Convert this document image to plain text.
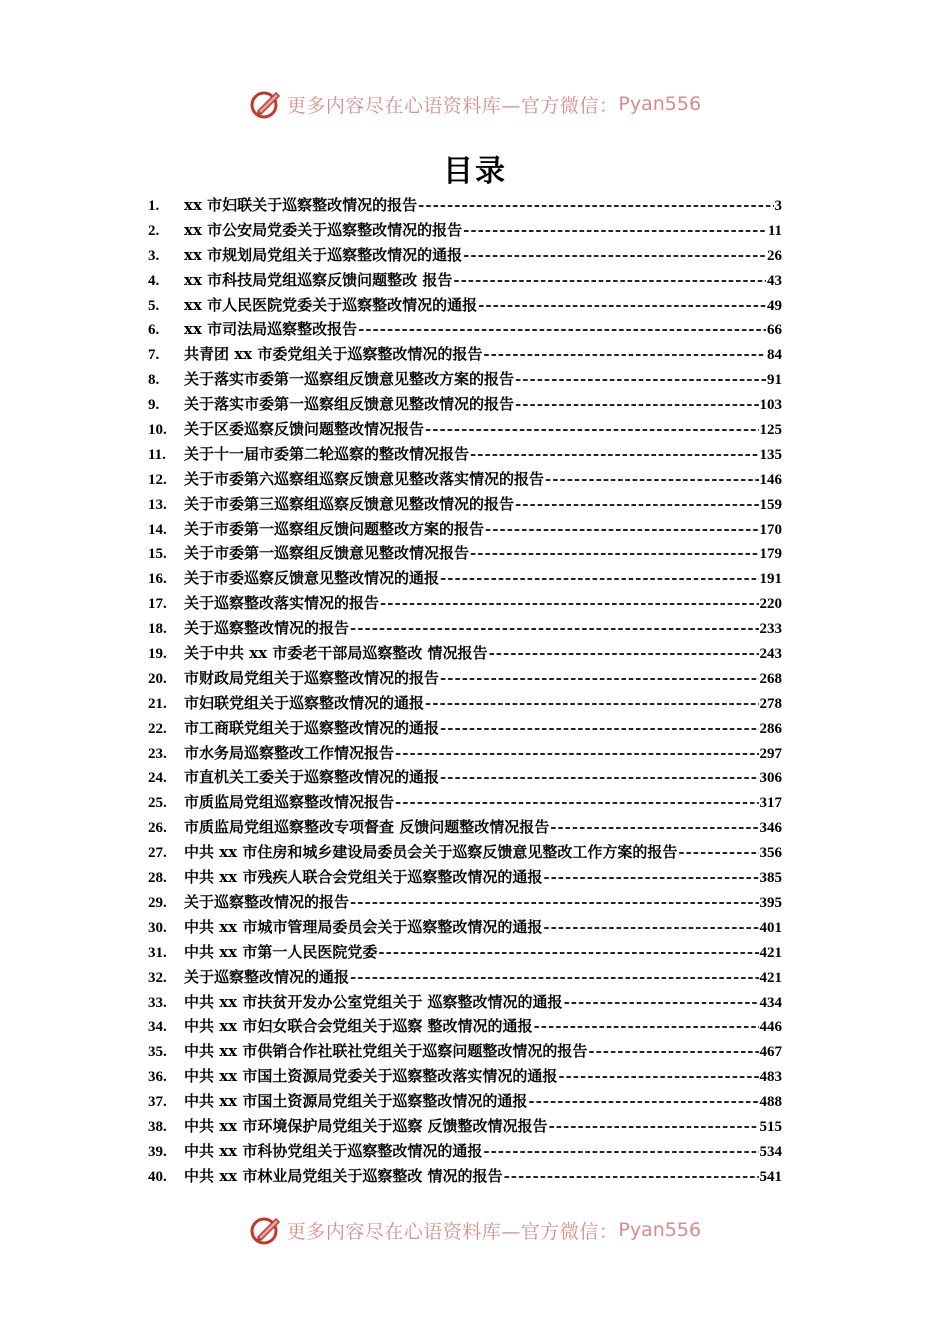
更多内容尽在心语资料库—官方微信： Pyan556
目录
1.	xx 市妇联关于巡察整改情况的报告 -----	3
2.	xx 市公安局党委关于巡察整改情况的报告 -----	11
3.	xx 市规划局党组关于巡察整改情况的通报 -----	26
4.	xx 市科技局党组巡察反馈问题整改 报告 -----	43
5.	xx 市人民医院党委关于巡察整改情况的通报 -----	49
6.	xx 市司法局巡察整改报告 -----	66
7.	共青团 xx 市委党组关于巡察整改情况的报告 -----	84
8.	关于落实市委第一巡察组反馈意见整改方案的报告 -----	91
9.	关于落实市委第一巡察组反馈意见整改情况的报告 -----	103
10.	关于区委巡察反馈问题整改情况报告 -----	125
11.	关于十一届市委第二轮巡察的整改情况报告 -----	135
12.	关于市委第六巡察组巡察反馈意见整改落实情况的报告 -----	146
13.	关于市委第三巡察组巡察反馈意见整改情况的报告 -----	159
14.	关于市委第一巡察组反馈问题整改方案的报告 -----	170
15.	关于市委第一巡察组反馈意见整改情况报告 -----	179
16.	关于市委巡察反馈意见整改情况的通报 -----	191
17.	关于巡察整改落实情况的报告 -----	220
18.	关于巡察整改情况的报告 -----	233
19.	关于中共 xx 市委老干部局巡察整改 情况报告 -----	243
20.	市财政局党组关于巡察整改情况的报告 -----	268
21.	市妇联党组关于巡察整改情况的通报 -----	278
22.	市工商联党组关于巡察整改情况的通报 -----	286
23.	市水务局巡察整改工作情况报告 -----	297
24.	市直机关工委关于巡察整改情况的通报 -----	306
25.	市质监局党组巡察整改情况报告 -----	317
26.	市质监局党组巡察整改专项督查 反馈问题整改情况报告 -----	346
27.	中共 xx 市住房和城乡建设局委员会关于巡察反馈意见整改工作方案的报告 -----	356
28.	中共 xx 市残疾人联合会党组关于巡察整改情况的通报 -----	385
29.	关于巡察整改情况的报告 -----	395
30.	中共 xx 市城市管理局委员会关于巡察整改情况的通报 -----	401
31.	中共 xx 市第一人民医院党委 -----	421
32.	关于巡察整改情况的通报 -----	421
33.	中共 xx 市扶贫开发办公室党组关于 巡察整改情况的通报 -----	434
34.	中共 xx 市妇女联合会党组关于巡察 整改情况的通报 -----	446
35.	中共 xx 市供销合作社联社党组关于巡察问题整改情况的报告 -----	467
36.	中共 xx 市国土资源局党委关于巡察整改落实情况的通报 -----	483
37.	中共 xx 市国土资源局党组关于巡察整改情况的通报 -----	488
38.	中共 xx 市环境保护局党组关于巡察 反馈整改情况报告 -----	515
39.	中共 xx 市科协党组关于巡察整改情况的通报 -----	534
40.	中共 xx 市林业局党组关于巡察整改 情况的报告 -----	541
更多内容尽在心语资料库—官方微信： Pyan556
